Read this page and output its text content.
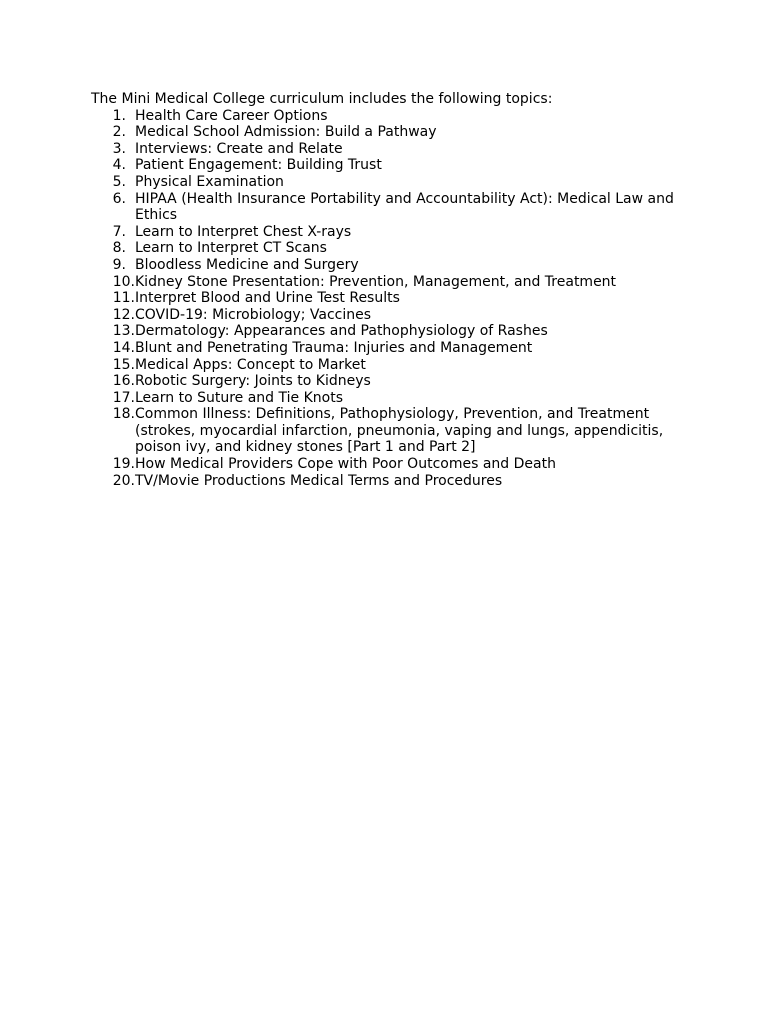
The Mini Medical College curriculum includes the following topics:

1. Health Care Career Options
2. Medical School Admission: Build a Pathway
3. Interviews: Create and Relate
4. Patient Engagement: Building Trust
5. Physical Examination
6. HIPAA (Health Insurance Portability and Accountability Act): Medical Law and Ethics
7. Learn to Interpret Chest X-rays
8. Learn to Interpret CT Scans
9. Bloodless Medicine and Surgery
10. Kidney Stone Presentation: Prevention, Management, and Treatment
11. Interpret Blood and Urine Test Results
12. COVID-19: Microbiology; Vaccines
13. Dermatology: Appearances and Pathophysiology of Rashes
14. Blunt and Penetrating Trauma: Injuries and Management
15. Medical Apps: Concept to Market
16. Robotic Surgery: Joints to Kidneys
17. Learn to Suture and Tie Knots
18. Common Illness: Definitions, Pathophysiology, Prevention, and Treatment (strokes, myocardial infarction, pneumonia, vaping and lungs, appendicitis, poison ivy, and kidney stones [Part 1 and Part 2]
19. How Medical Providers Cope with Poor Outcomes and Death
20. TV/Movie Productions Medical Terms and Procedures
